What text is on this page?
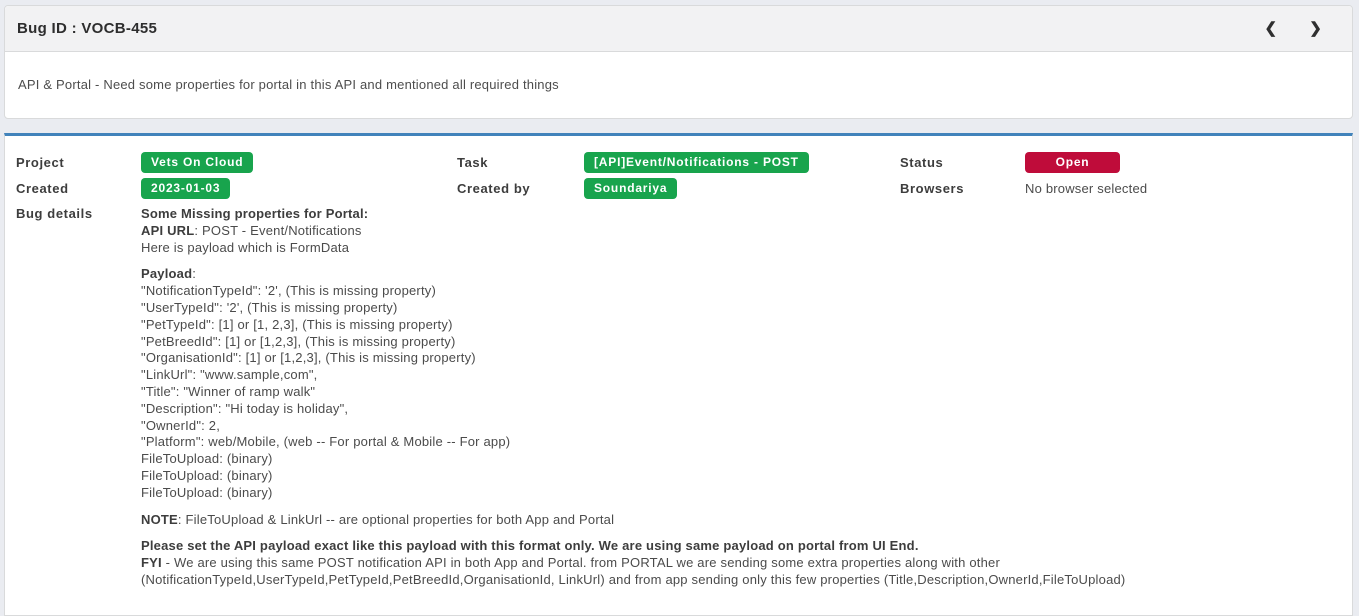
Bug ID : VOCB-455	❮ ❯
API & Portal - Need some properties for portal in this API and mentioned all required things
Project	Vets On Cloud	Task	[API]Event/Notifications - POST	Status	Open
Created	2023-01-03	Created by	Soundariya	Browsers	No browser selected
Bug details	Some Missing properties for Portal:
API URL: POST - Event/Notifications
Here is payload which is FormData
Payload:
"NotificationTypeId": '2', (This is missing property)
"UserTypeId": '2', (This is missing property)
"PetTypeId": [1] or [1, 2,3], (This is missing property)
"PetBreedId": [1] or [1,2,3], (This is missing property)
"OrganisationId": [1] or [1,2,3], (This is missing property)
"LinkUrl": "www.sample,com",
"Title": "Winner of ramp walk"
"Description": "Hi today is holiday",
"OwnerId": 2,
"Platform": web/Mobile, (web -- For portal & Mobile -- For app)
FileToUpload: (binary)
FileToUpload: (binary)
FileToUpload: (binary)
NOTE: FileToUpload & LinkUrl -- are optional properties for both App and Portal
Please set the API payload exact like this payload with this format only. We are using same payload on portal from UI End.
FYI - We are using this same POST notification API in both App and Portal. from PORTAL we are sending some extra properties along with other (NotificationTypeId,UserTypeId,PetTypeId,PetBreedId,OrganisationId, LinkUrl) and from app sending only this few properties (Title,Description,OwnerId,FileToUpload)
